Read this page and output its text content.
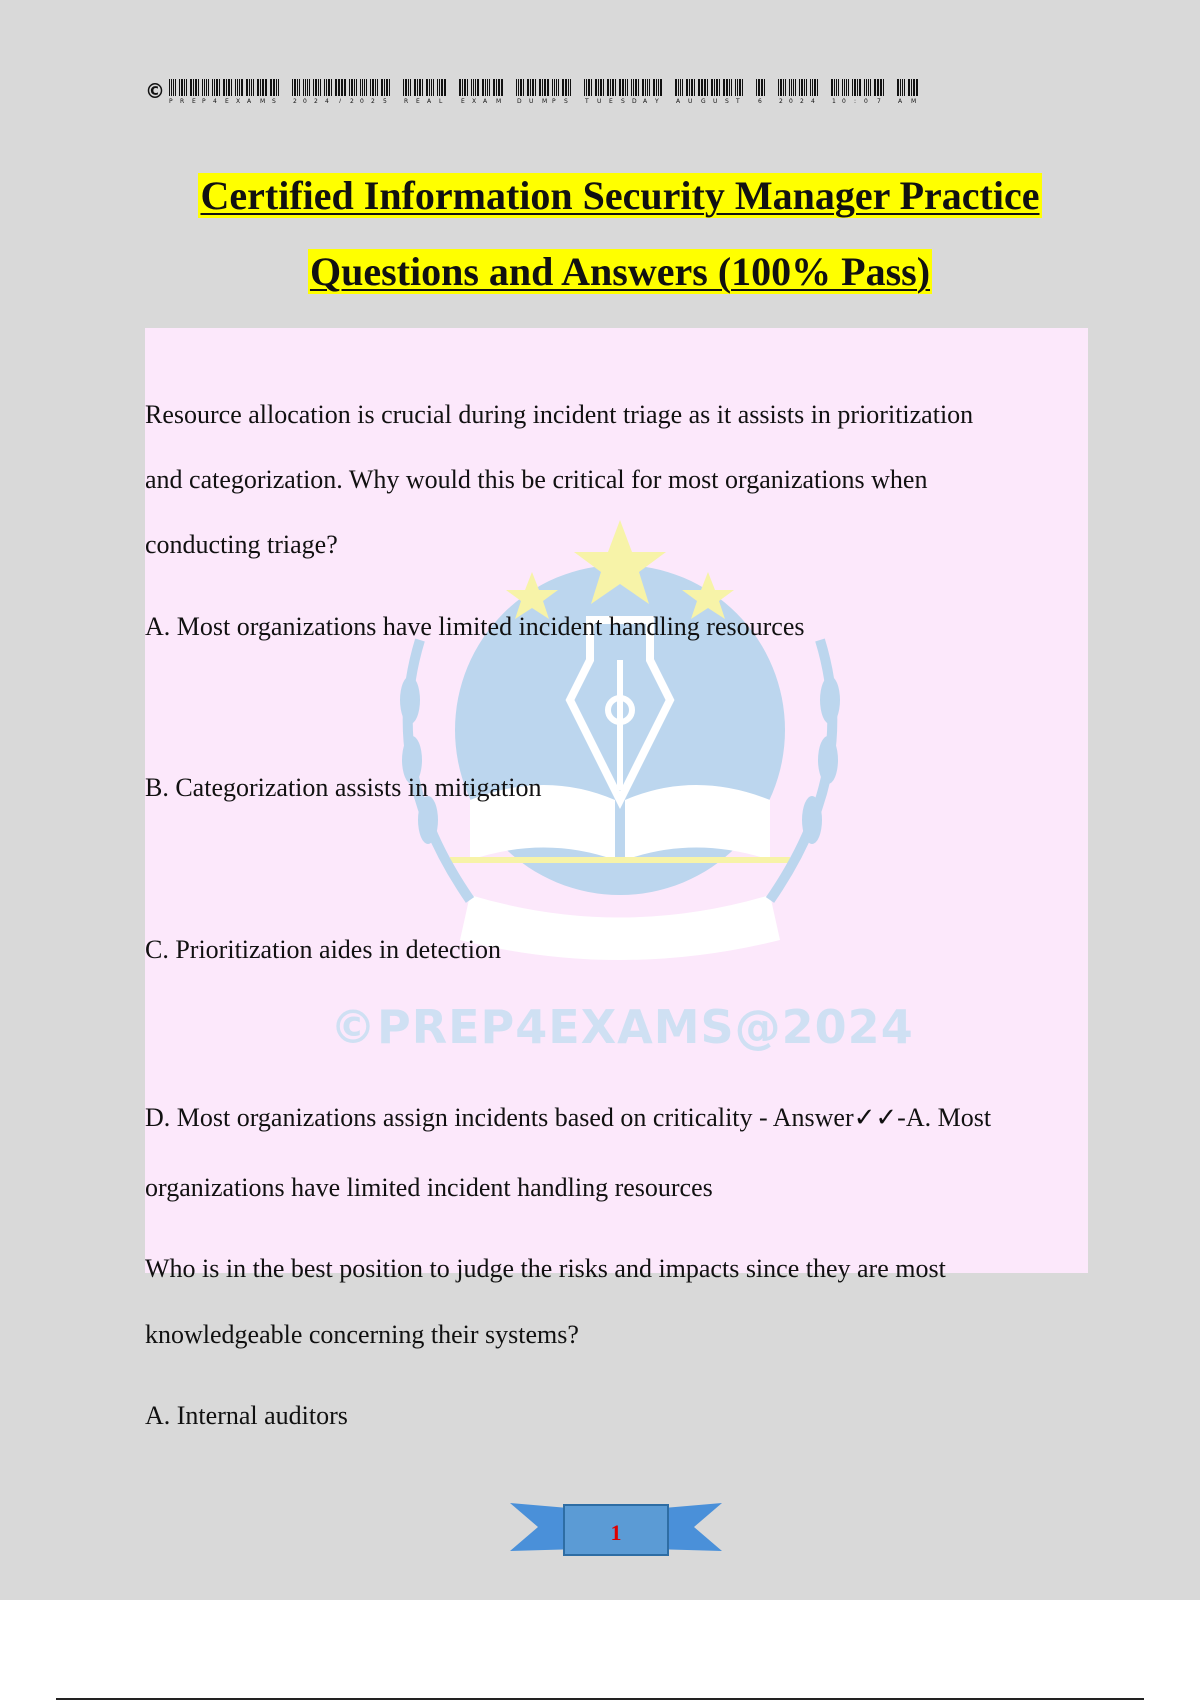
© P R E P 4 E X A M S	2 0 2 4 / 2 0 2 5	R E A L	E X A M	D U M P S	T U E S D A Y	A U G U S T	6	2 0 2 4	1 0 : 0 7	A M
Certified Information Security Manager Practice
Questions and Answers (100% Pass)
©PREP4EXAMS@2024
Resource allocation is crucial during incident triage as it assists in prioritization
and categorization. Why would this be critical for most organizations when
conducting triage?
A. Most organizations have limited incident handling resources
B. Categorization assists in mitigation
C. Prioritization aides in detection
D. Most organizations assign incidents based on criticality - Answer✓✓-A. Most
organizations have limited incident handling resources
Who is in the best position to judge the risks and impacts since they are most
knowledgeable concerning their systems?
A. Internal auditors
1
